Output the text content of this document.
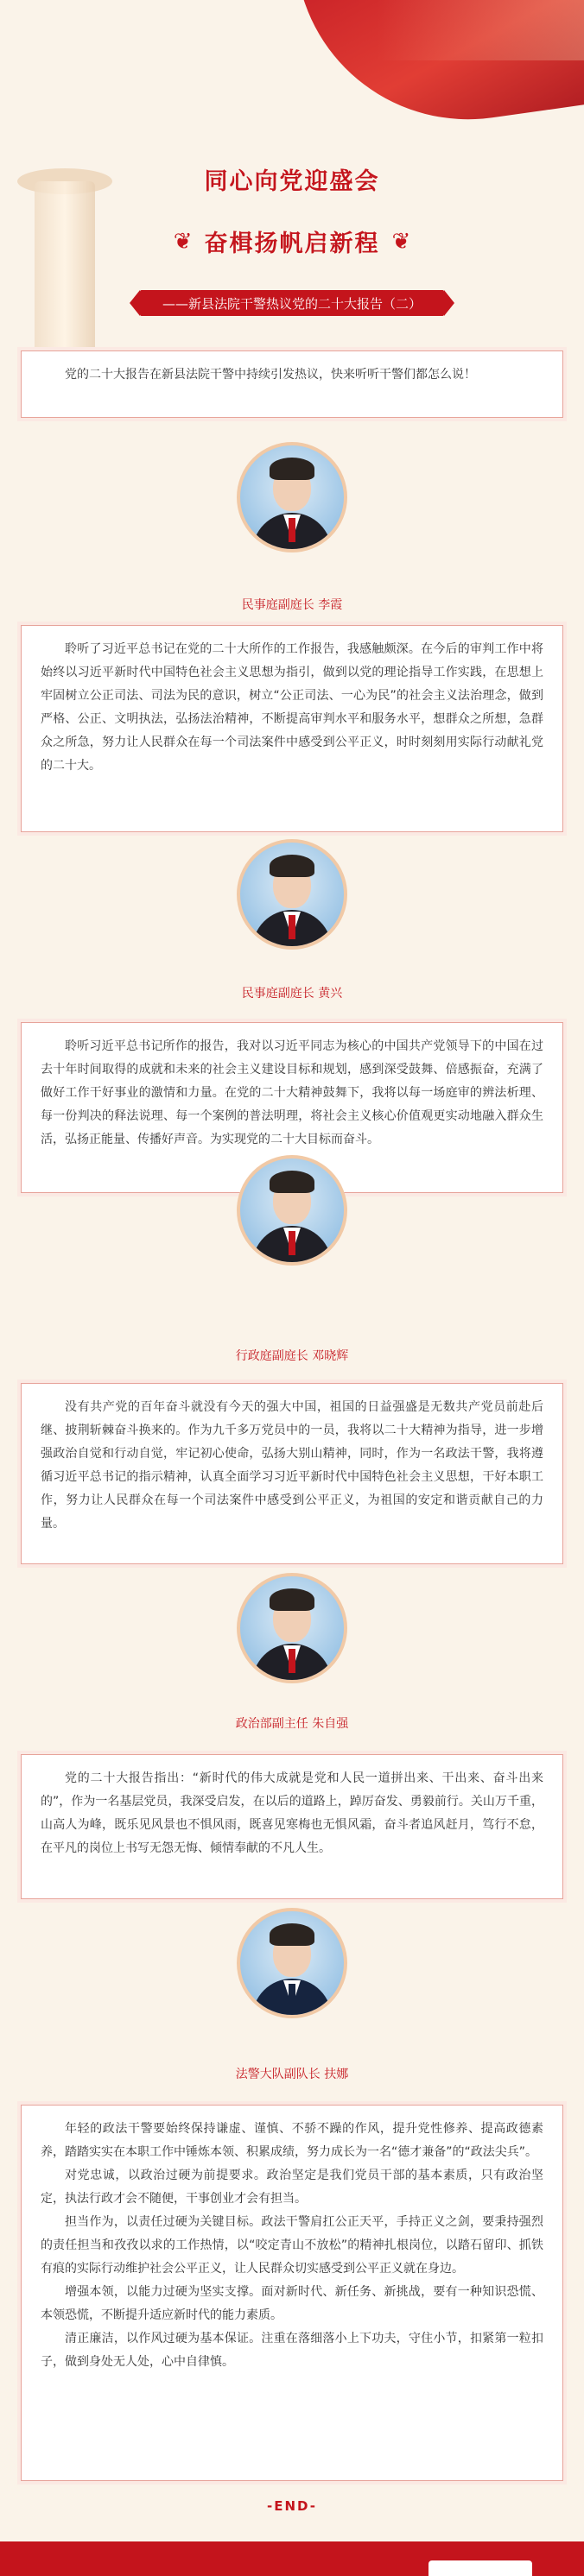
同心向党迎盛会
❦ 奋楫扬帆启新程 ❦
——新县法院干警热议党的二十大报告（二）

党的二十大报告在新县法院干警中持续引发热议，快来听听干警们都怎么说！

民事庭副庭长 李霞

聆听了习近平总书记在党的二十大所作的工作报告，我感触颇深。在今后的审判工作中将始终以习近平新时代中国特色社会主义思想为指引，做到以党的理论指导工作实践，在思想上牢固树立公正司法、司法为民的意识，树立“公正司法、一心为民”的社会主义法治理念，做到严格、公正、文明执法，弘扬法治精神，不断提高审判水平和服务水平，想群众之所想，急群众之所急，努力让人民群众在每一个司法案件中感受到公平正义，时时刻刻用实际行动献礼党的二十大。

民事庭副庭长 黄兴

聆听习近平总书记所作的报告，我对以习近平同志为核心的中国共产党领导下的中国在过去十年时间取得的成就和未来的社会主义建设目标和规划，感到深受鼓舞、倍感振奋，充满了做好工作干好事业的激情和力量。在党的二十大精神鼓舞下，我将以每一场庭审的辨法析理、每一份判决的释法说理、每一个案例的普法明理，将社会主义核心价值观更实动地融入群众生活，弘扬正能量、传播好声音。为实现党的二十大目标而奋斗。

行政庭副庭长 邓晓辉

没有共产党的百年奋斗就没有今天的强大中国，祖国的日益强盛是无数共产党员前赴后继、披荆斩棘奋斗换来的。作为九千多万党员中的一员，我将以二十大精神为指导，进一步增强政治自觉和行动自觉，牢记初心使命，弘扬大别山精神，同时，作为一名政法干警，我将遵循习近平总书记的指示精神，认真全面学习习近平新时代中国特色社会主义思想，干好本职工作，努力让人民群众在每一个司法案件中感受到公平正义，为祖国的安定和谐贡献自己的力量。

政治部副主任 朱自强

党的二十大报告指出：“新时代的伟大成就是党和人民一道拼出来、干出来、奋斗出来的”，作为一名基层党员，我深受启发，在以后的道路上，踔厉奋发、勇毅前行。关山万千重，山高人为峰，既乐见风景也不惧风雨，既喜见寒梅也无惧风霜，奋斗者追风赶月，笃行不怠，在平凡的岗位上书写无怨无悔、倾情奉献的不凡人生。

法警大队副队长 扶娜

年轻的政法干警要始终保持谦虚、谨慎、不骄不躁的作风，提升党性修养、提高政德素养，踏踏实实在本职工作中锤炼本领、积累成绩，努力成长为一名“德才兼备”的“政法尖兵”。

对党忠诚，以政治过硬为前提要求。政治坚定是我们党员干部的基本素质，只有政治坚定，执法行政才会不随便，干事创业才会有担当。

担当作为，以责任过硬为关键目标。政法干警肩扛公正天平，手持正义之剑，要秉持强烈的责任担当和孜孜以求的工作热情，以“咬定青山不放松”的精神扎根岗位，以踏石留印、抓铁有痕的实际行动维护社会公平正义，让人民群众切实感受到公平正义就在身边。

增强本领，以能力过硬为坚实支撑。面对新时代、新任务、新挑战，要有一种知识恐慌、本领恐慌，不断提升适应新时代的能力素质。

清正廉洁，以作风过硬为基本保证。注重在落细落小上下功夫，守住小节，扣紧第一粒扣子，做到身处无人处，心中自律慎。

-END-
